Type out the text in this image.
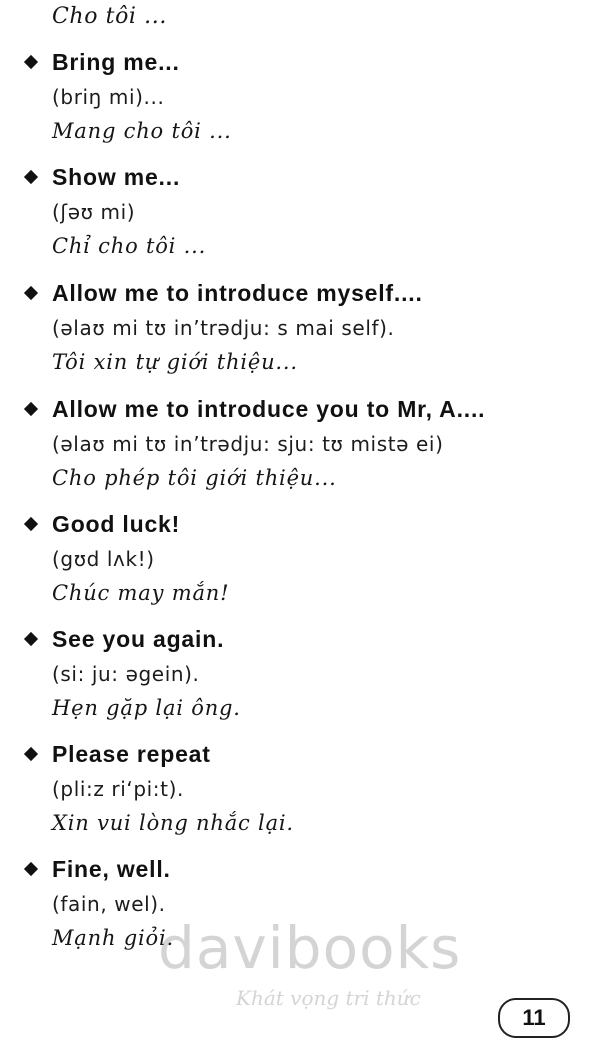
Cho tôi ...
Bring me...
(briŋ mi)...
Mang cho tôi ...
Show me...
(ʃəʊ mi)
Chỉ cho tôi ...
Allow me to introduce myself....
(əlaʊ mi tʊ in’trədju: s mai self).
Tôi xin tự giới thiệu...
Allow me to introduce you to Mr, A....
(əlaʊ mi tʊ in’trədju: sju: tʊ mistə ei)
Cho phép tôi giới thiệu...
Good luck!
(gʊd lʌk!)
Chúc may mắn!
See you again.
(si: ju: əgein).
Hẹn gặp lại ông.
Please repeat
(pli:z ri‘pi:t).
Xin vui lòng nhắc lại.
Fine, well.
(fain, wel).
Mạnh giỏi.
davibooks
Khát vọng tri thức
11
